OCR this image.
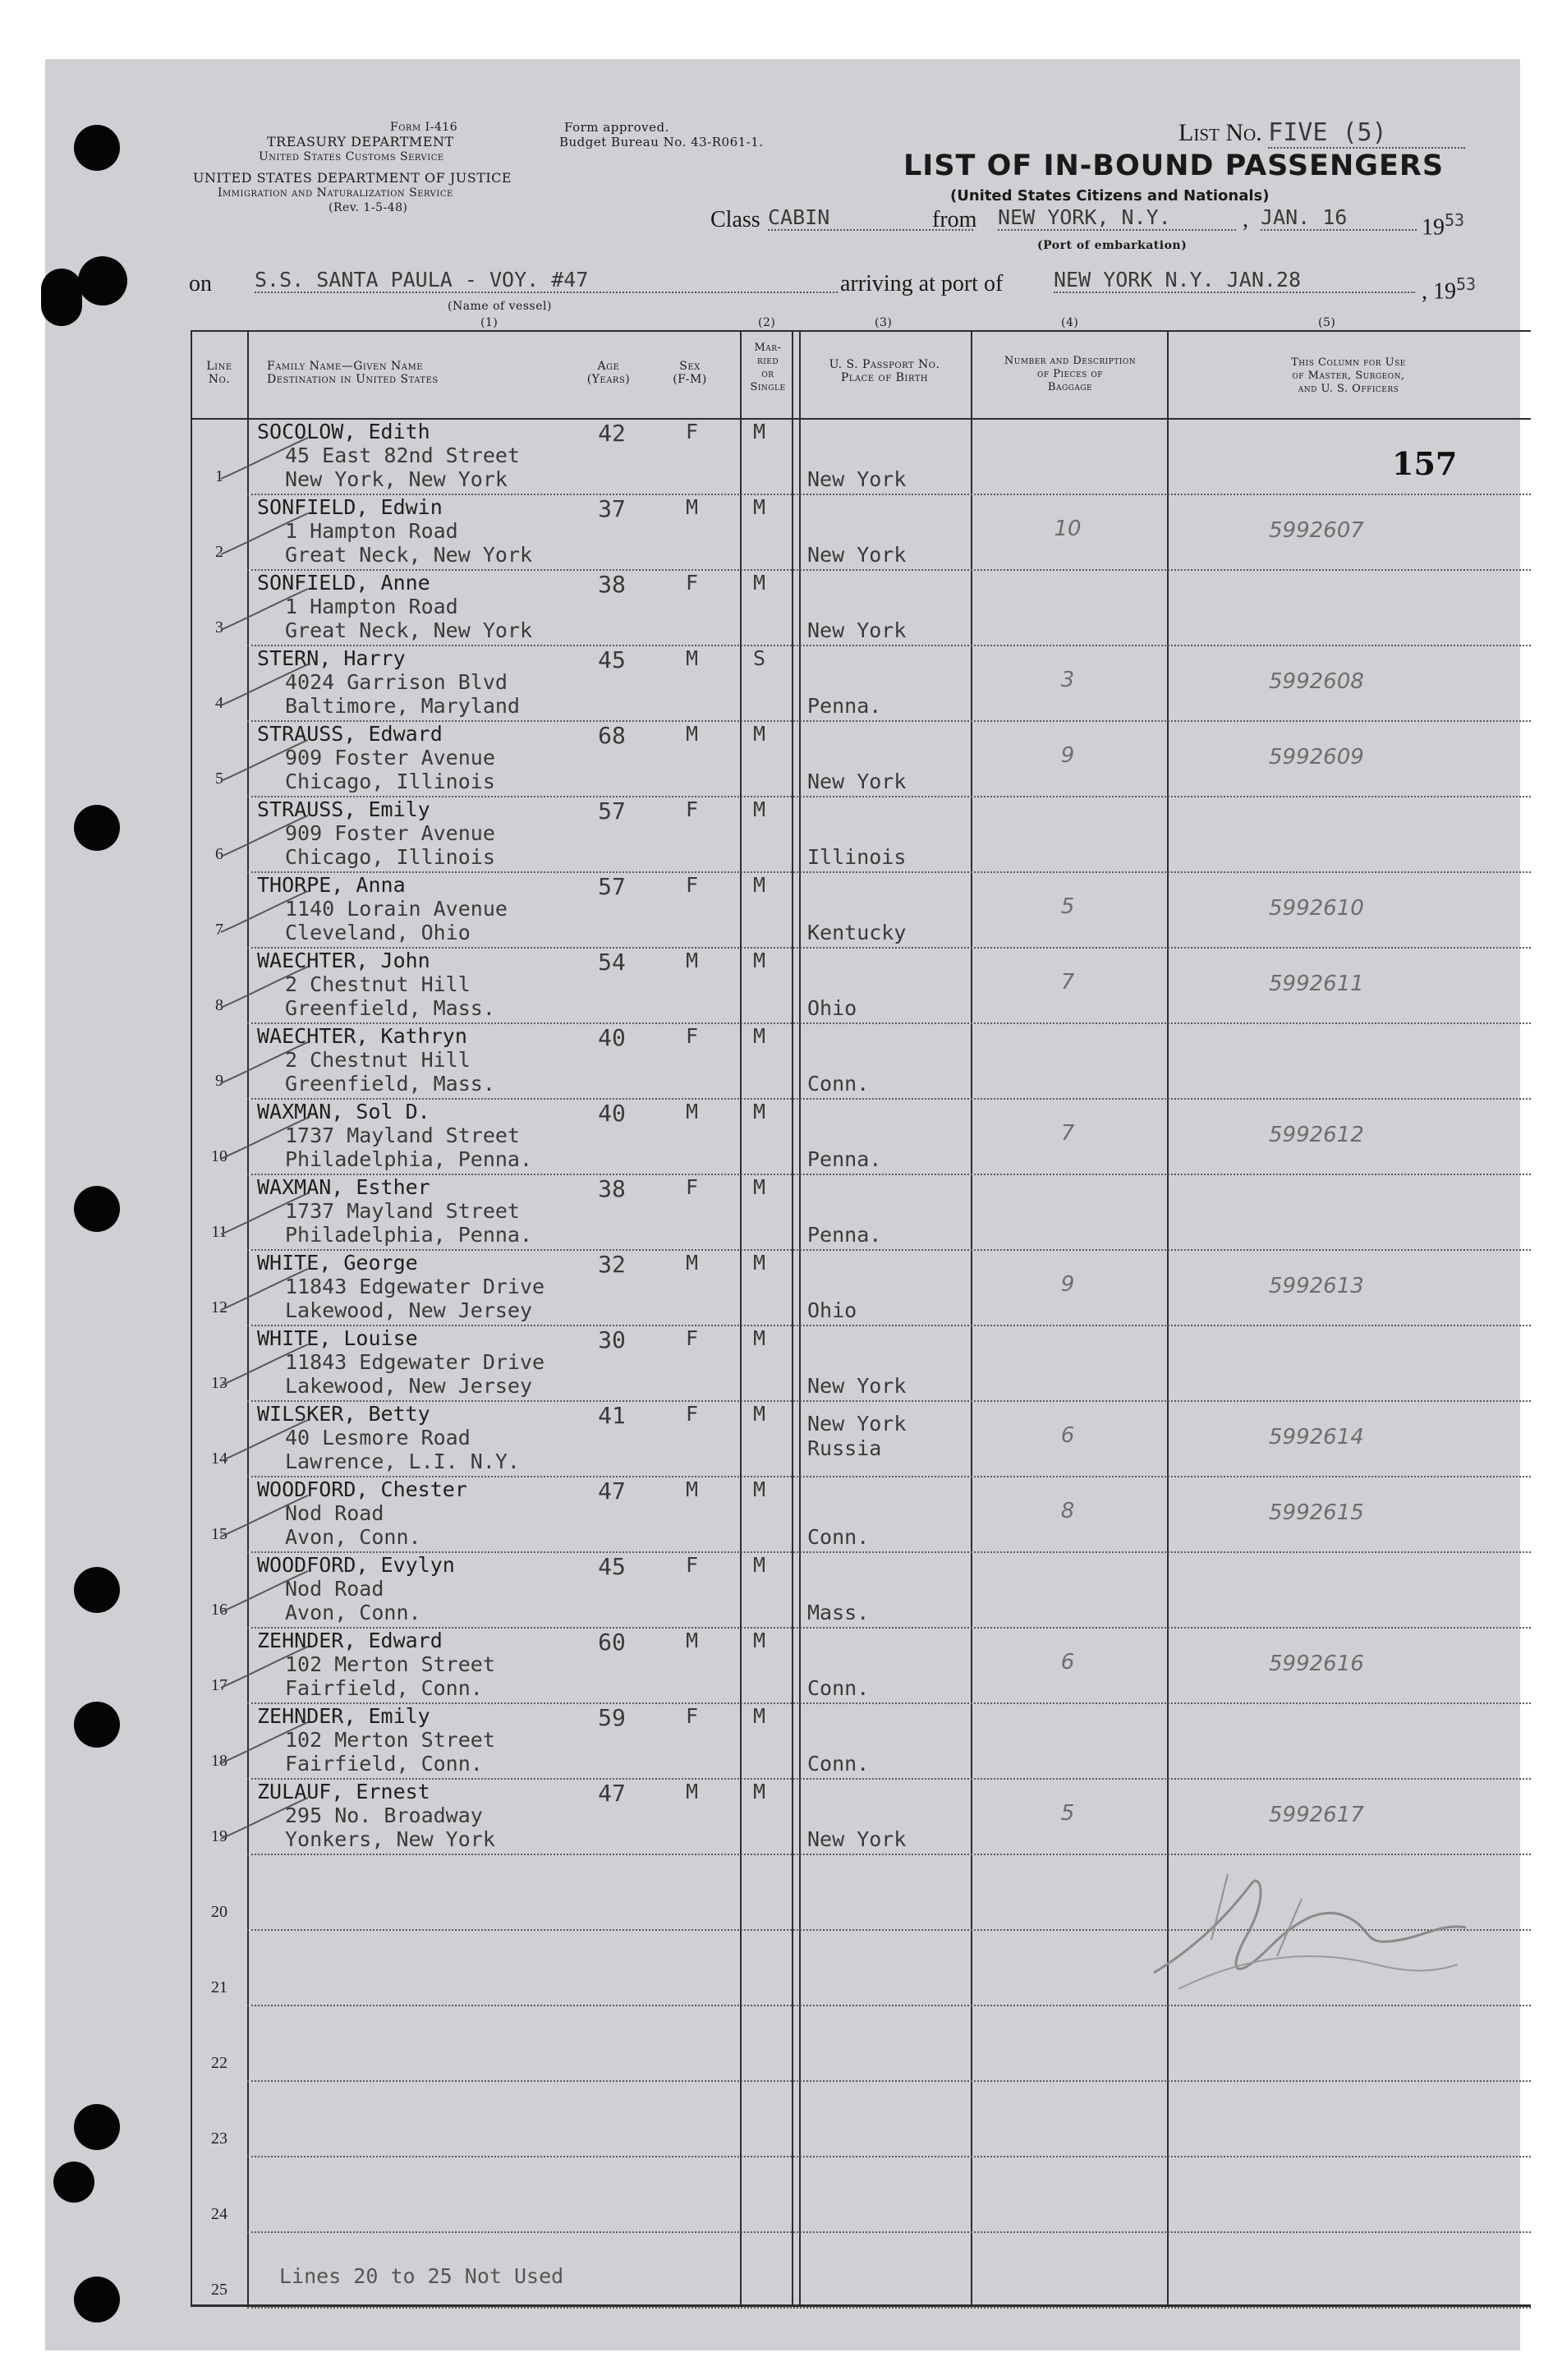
Form I-416
TREASURY DEPARTMENT
United States Customs Service
UNITED STATES DEPARTMENT OF JUSTICE
Immigration and Naturalization Service
(Rev. 1-5-48)
Form approved.
Budget Bureau No. 43-R061-1.	List No. FIVE (5)
LIST OF IN-BOUND PASSENGERS
(United States Citizens and Nationals)
Class CABIN	from NEW YORK, N.Y.	, JAN. 16	$19^{53}$
(Port of embarkation)
on S.S. SANTA PAULA - VOY. #47
(Name of vessel)
arriving at port of NEW YORK N.Y. JAN.28	, $19^{53}$
(1)	(2)	(3)	(4)	(5)
Line No.
Family Name—Given Name
Destination in United States
Age
(Years)
Sex
(F-M)
Mar-
ried
or
Single
U. S. Passport No.
Place of Birth
Number and Description
of Pieces of
Baggage
This Column for Use
of Master, Surgeon,
and U. S. Officers
157
1
SOCOLOW, Edith
45 East 82nd Street
New York, New York
42	F	M
New York
2
SONFIELD, Edwin
1 Hampton Road
Great Neck, New York
37	M	M
New York
10	5992607
3
SONFIELD, Anne
1 Hampton Road
Great Neck, New York
38	F	M
New York
4
STERN, Harry
4024 Garrison Blvd
Baltimore, Maryland
45	M	S
Penna.
3	5992608
5
STRAUSS, Edward
909 Foster Avenue
Chicago, Illinois
68	M	M
New York
9	5992609
6
STRAUSS, Emily
909 Foster Avenue
Chicago, Illinois
57	F	M
Illinois
7
THORPE, Anna
1140 Lorain Avenue
Cleveland, Ohio
57	F	M
Kentucky
5	5992610
8
WAECHTER, John
2 Chestnut Hill
Greenfield, Mass.
54	M	M
Ohio
7	5992611
9
WAECHTER, Kathryn
2 Chestnut Hill
Greenfield, Mass.
40	F	M
Conn.
10
WAXMAN, Sol D.
1737 Mayland Street
Philadelphia, Penna.
40	M	M
Penna.
7	5992612
11
WAXMAN, Esther
1737 Mayland Street
Philadelphia, Penna.
38	F	M
Penna.
12
WHITE, George
11843 Edgewater Drive
Lakewood, New Jersey
32	M	M
Ohio
9	5992613
13
WHITE, Louise
11843 Edgewater Drive
Lakewood, New Jersey
30	F	M
New York
14
WILSKER, Betty
40 Lesmore Road
Lawrence, L.I. N.Y.
41	F	M New York
Russia
6	5992614
15
WOODFORD, Chester
Nod Road
Avon, Conn.
47	M	M
Conn.
8	5992615
16
WOODFORD, Evylyn
Nod Road
Avon, Conn.
45	F	M
Mass.
17
ZEHNDER, Edward
102 Merton Street
Fairfield, Conn.
60	M	M
Conn.
6	5992616
18
ZEHNDER, Emily
102 Merton Street
Fairfield, Conn.
59	F	M
Conn.
19
ZULAUF, Ernest
295 No. Broadway
Yonkers, New York
47	M	M
New York
5	5992617
20
21
22
23
24
25
Lines 20 to 25 Not Used
